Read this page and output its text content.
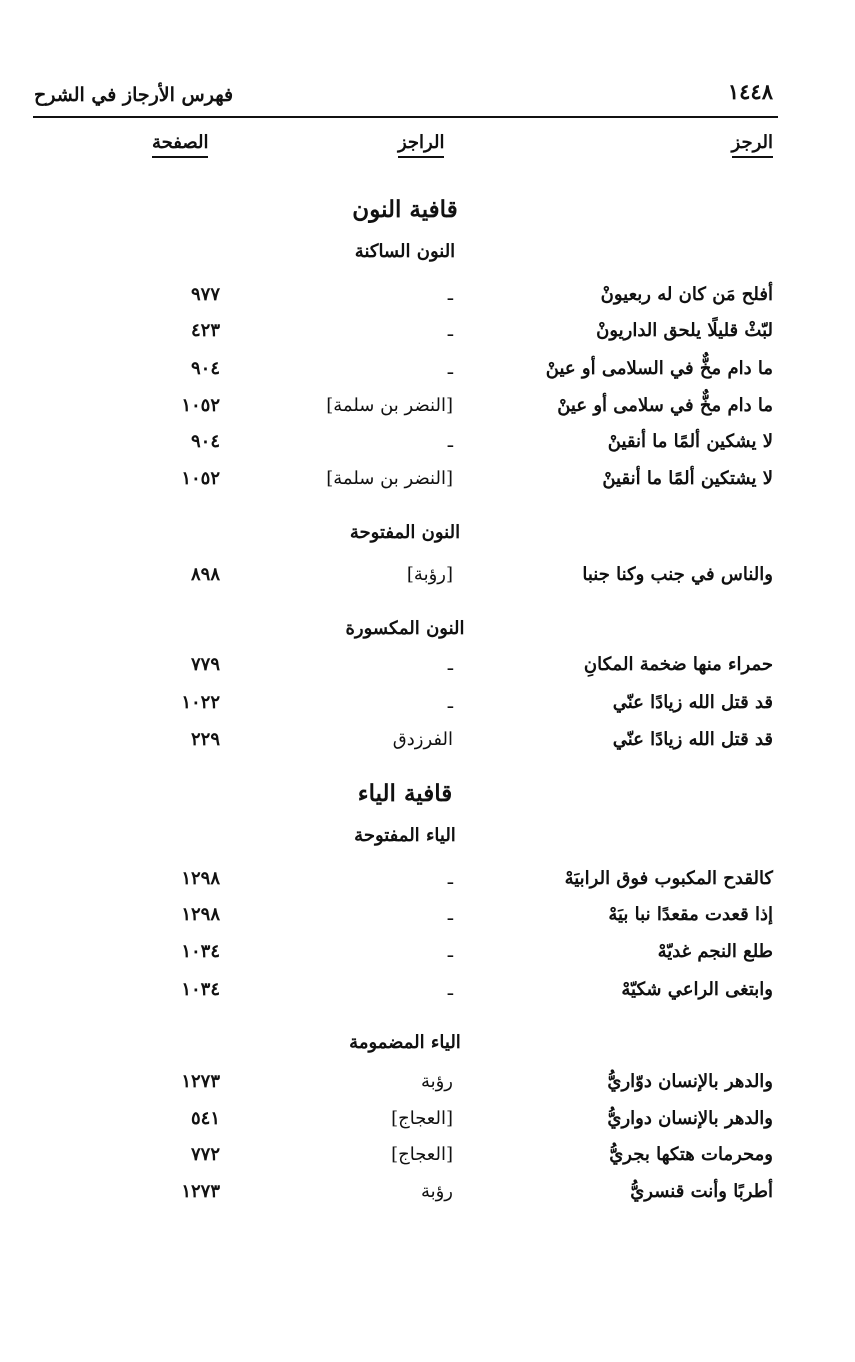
١٤٤٨
فهرس الأرجاز في الشرح
الرجز
الراجز
الصفحة
قافية النون
النون الساكنة
النون المفتوحة
النون المكسورة
قافية الياء
الياء المفتوحة
الياء المضمومة
أفلح مَن كان له ربعيونْ
ـ
٩٧٧
لبّثْ قليلًا يلحق الداريونْ
ـ
٤٢٣
ما دام مخٌّ في السلامى أو عينْ
ـ
٩٠٤
ما دام مخٌّ في سلامى أو عينْ
[النضر بن سلمة]
١٠٥٢
لا يشكين ألمًا ما أنقينْ
ـ
٩٠٤
لا يشتكين ألمًا ما أنقينْ
[النضر بن سلمة]
١٠٥٢
والناس في جنب وكنا جنبا
[رؤبة]
٨٩٨
حمراء منها ضخمة المكانِ
ـ
٧٧٩
قد قتل الله زيادًا عنّي
ـ
١٠٢٢
قد قتل الله زيادًا عنّي
الفرزدق
٢٢٩
كالقدح المكبوب فوق الرابيَهْ
ـ
١٢٩٨
إذا قعدت مقعدًا نبا بيَهْ
ـ
١٢٩٨
طلع النجم غديّهْ
ـ
١٠٣٤
وابتغى الراعي شكيّهْ
ـ
١٠٣٤
والدهر بالإنسان دوّاريُّ
رؤبة
١٢٧٣
والدهر بالإنسان دواريُّ
[العجاج]
٥٤١
ومحرمات هتكها بجريُّ
[العجاج]
٧٧٢
أطربًا وأنت قنسريُّ
رؤبة
١٢٧٣
